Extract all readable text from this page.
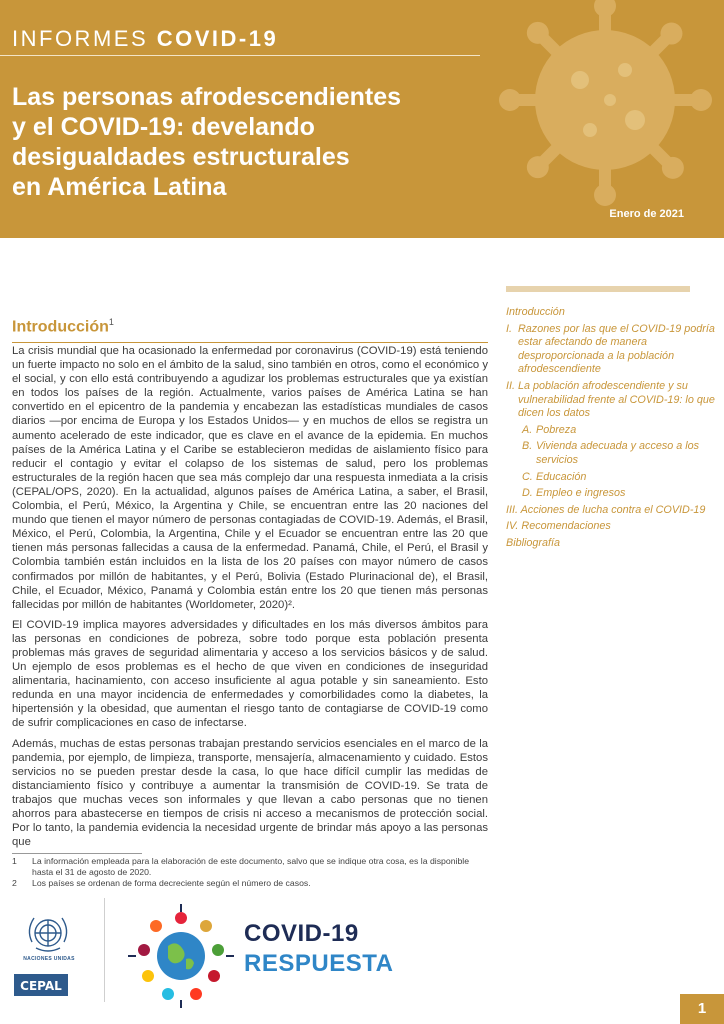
INFORMES COVID-19
Las personas afrodescendientes
y el COVID-19: develando
desigualdades estructurales
en América Latina
Enero de 2021
Introducción$^1$

La crisis mundial que ha ocasionado la enfermedad por coronavirus (COVID-19) está teniendo un fuerte impacto no solo en el ámbito de la salud, sino también en otros, como el económico y el social, y con ello está contribuyendo a agudizar los problemas estructurales que ya existían en todos los países de la región. Actualmente, varios países de América Latina se han convertido en el epicentro de la pandemia y encabezan las estadísticas mundiales de casos diarios —por encima de Europa y los Estados Unidos— y en muchos de ellos se registra un aumento acelerado de este indicador, que es clave en el avance de la epidemia. En muchos países de la América Latina y el Caribe se establecieron medidas de aislamiento físico para reducir el contagio y evitar el colapso de los sistemas de salud, pero los problemas estructurales de la región hacen que sea más complejo dar una respuesta inmediata a la crisis (CEPAL/OPS, 2020). En la actualidad, algunos países de América Latina, a saber, el Brasil, Colombia, el Perú, México, la Argentina y Chile, se encuentran entre las 20 naciones del mundo que tienen el mayor número de personas contagiadas de COVID-19. Además, el Brasil, México, el Perú, Colombia, la Argentina, Chile y el Ecuador se encuentran entre las 20 que tienen más personas fallecidas a causa de la enfermedad. Panamá, Chile, el Perú, el Brasil y Colombia también están incluidos en la lista de los 20 países con mayor número de casos confirmados por millón de habitantes, y el Perú, Bolivia (Estado Plurinacional de), el Brasil, Chile, el Ecuador, México, Panamá y Colombia están entre los 20 que tienen más personas fallecidas por millón de habitantes (Worldometer, 2020)².

El COVID-19 implica mayores adversidades y dificultades en los más diversos ámbitos para las personas en condiciones de pobreza, sobre todo porque esta población presenta problemas más graves de seguridad alimentaria y acceso a los servicios básicos y de salud. Un ejemplo de esos problemas es el hecho de que viven en condiciones de inseguridad alimentaria, hacinamiento, con acceso insuficiente al agua potable y sin saneamiento. Esto redunda en una mayor incidencia de enfermedades y comorbilidades como la diabetes, la hipertensión y la obesidad, que aumentan el riesgo tanto de contagiarse de COVID-19 como de sufrir complicaciones en caso de infectarse.

Además, muchas de estas personas trabajan prestando servicios esenciales en el marco de la pandemia, por ejemplo, de limpieza, transporte, mensajería, almacenamiento y cuidado. Estos servicios no se pueden prestar desde la casa, lo que hace difícil cumplir las medidas de distanciamiento físico y contribuye a aumentar la transmisión de COVID-19. Se trata de trabajos que muchas veces son informales y que llevan a cabo personas que no tienen ahorros para abastecerse en tiempos de crisis ni acceso a mecanismos de protección social. Por lo tanto, la pandemia evidencia la necesidad urgente de brindar más apoyo a las personas que

Introducción
I. Razones por las que el COVID-19 podría estar afectando de manera desproporcionada a la población afrodescendiente
II. La población afrodescendiente y su vulnerabilidad frente al COVID-19: lo que dicen los datos
A. Pobreza
B. Vivienda adecuada y acceso a los servicios
C. Educación
D. Empleo e ingresos
III. Acciones de lucha contra el COVID-19
IV. Recomendaciones
Bibliografía
1	La información empleada para la elaboración de este documento, salvo que se indique otra cosa, es la disponible hasta el 31 de agosto de 2020.
2	Los países se ordenan de forma decreciente según el número de casos.
NACIONES UNIDAS
CEPAL
COVID-19
RESPUESTA
1
